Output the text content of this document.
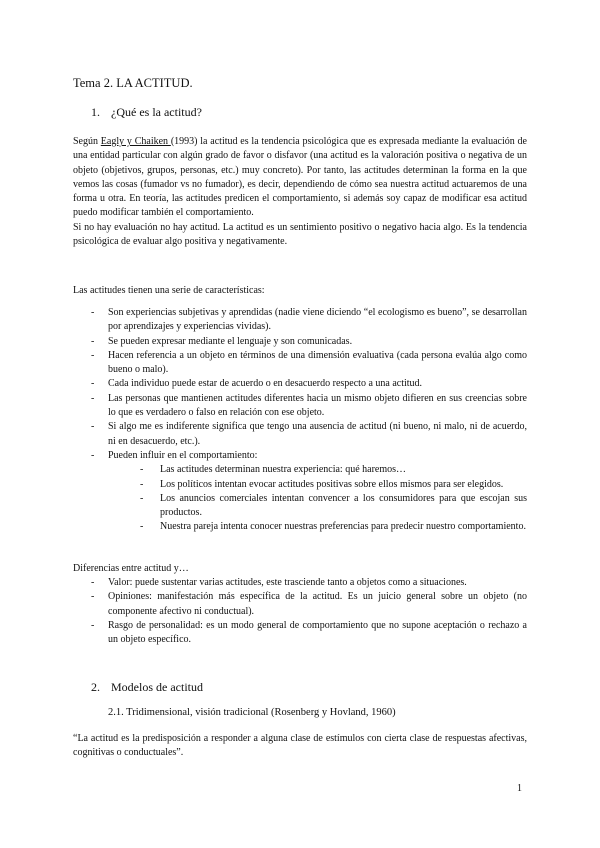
Tema 2. LA ACTITUD.
1. ¿Qué es la actitud?
Según Eagly y Chaiken (1993) la actitud es la tendencia psicológica que es expresada mediante la evaluación de una entidad particular con algún grado de favor o disfavor (una actitud es la valoración positiva o negativa de un objeto (objetivos, grupos, personas, etc.) muy concreto). Por tanto, las actitudes determinan la forma en la que vemos las cosas (fumador vs no fumador), es decir, dependiendo de cómo sea nuestra actitud actuaremos de una forma u otra. En teoría, las actitudes predicen el comportamiento, si además soy capaz de modificar esa actitud puedo modificar también el comportamiento.
Si no hay evaluación no hay actitud. La actitud es un sentimiento positivo o negativo hacia algo. Es la tendencia psicológica de evaluar algo positiva y negativamente.
Las actitudes tienen una serie de características:
- Son experiencias subjetivas y aprendidas (nadie viene diciendo “el ecologismo es bueno”, se desarrollan por aprendizajes y experiencias vividas).
- Se pueden expresar mediante el lenguaje y son comunicadas.
- Hacen referencia a un objeto en términos de una dimensión evaluativa (cada persona evalúa algo como bueno o malo).
- Cada individuo puede estar de acuerdo o en desacuerdo respecto a una actitud.
- Las personas que mantienen actitudes diferentes hacia un mismo objeto difieren en sus creencias sobre lo que es verdadero o falso en relación con ese objeto.
- Si algo me es indiferente significa que tengo una ausencia de actitud (ni bueno, ni malo, ni de acuerdo, ni en desacuerdo, etc.).
- Pueden influir en el comportamiento:
- Las actitudes determinan nuestra experiencia: qué haremos…
- Los políticos intentan evocar actitudes positivas sobre ellos mismos para ser elegidos.
- Los anuncios comerciales intentan convencer a los consumidores para que escojan sus productos.
- Nuestra pareja intenta conocer nuestras preferencias para predecir nuestro comportamiento.
Diferencias entre actitud y…
- Valor: puede sustentar varias actitudes, este trasciende tanto a objetos como a situaciones.
- Opiniones: manifestación más específica de la actitud. Es un juicio general sobre un objeto (no componente afectivo ni conductual).
- Rasgo de personalidad: es un modo general de comportamiento que no supone aceptación o rechazo a un objeto específico.
2. Modelos de actitud
2.1. Tridimensional, visión tradicional (Rosenberg y Hovland, 1960)
“La actitud es la predisposición a responder a alguna clase de estímulos con cierta clase de respuestas afectivas, cognitivas o conductuales”.
1
